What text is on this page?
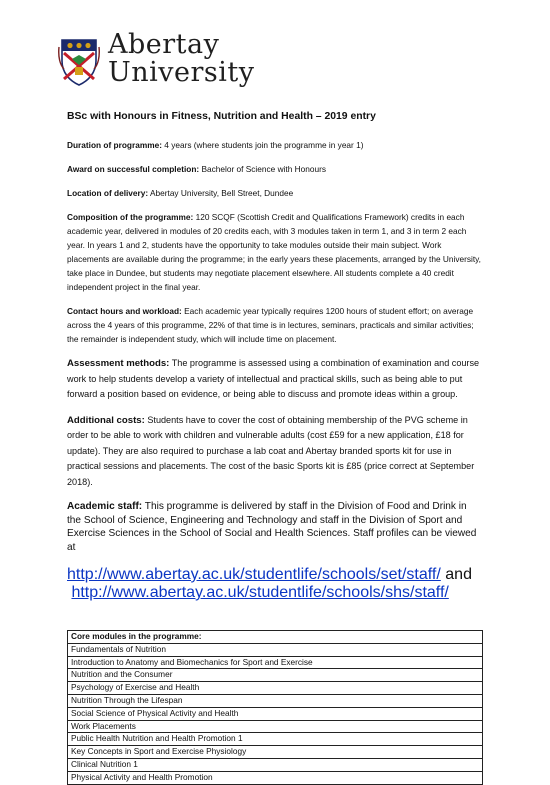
Abertay
University
BSc with Honours in Fitness, Nutrition and Health – 2019 entry

Duration of programme: 4 years (where students join the programme in year 1)

Award on successful completion: Bachelor of Science with Honours

Location of delivery: Abertay University, Bell Street, Dundee

Composition of the programme: 120 SCQF (Scottish Credit and Qualifications Framework) credits in each academic year, delivered in modules of 20 credits each, with 3 modules taken in term 1, and 3 in term 2 each year. In years 1 and 2, students have the opportunity to take modules outside their main subject. Work placements are available during the programme; in the early years these placements, arranged by the University, take place in Dundee, but students may negotiate placement elsewhere. All students complete a 40 credit independent project in the final year.

Contact hours and workload: Each academic year typically requires 1200 hours of student effort; on average across the 4 years of this programme, 22% of that time is in lectures, seminars, practicals and similar activities; the remainder is independent study, which will include time on placement.

Assessment methods: The programme is assessed using a combination of examination and course work to help students develop a variety of intellectual and practical skills, such as being able to put forward a position based on evidence, or being able to discuss and promote ideas within a group.

Additional costs: Students have to cover the cost of obtaining membership of the PVG scheme in order to be able to work with children and vulnerable adults (cost £59 for a new application, £18 for update). They are also required to purchase a lab coat and Abertay branded sports kit for use in practical sessions and placements. The cost of the basic Sports kit is £85 (price correct at September 2018).

Academic staff: This programme is delivered by staff in the Division of Food and Drink in the School of Science, Engineering and Technology and staff in the Division of Sport and Exercise Sciences in the School of Social and Health Sciences. Staff profiles can be viewed at

http://www.abertay.ac.uk/studentlife/schools/set/staff/ and
http://www.abertay.ac.uk/studentlife/schools/shs/staff/

Core modules in the programme:
Fundamentals of Nutrition
Introduction to Anatomy and Biomechanics for Sport and Exercise
Nutrition and the Consumer
Psychology of Exercise and Health
Nutrition Through the Lifespan
Social Science of Physical Activity and Health
Work Placements
Public Health Nutrition and Health Promotion 1
Key Concepts in Sport and Exercise Physiology
Clinical Nutrition 1
Physical Activity and Health Promotion
